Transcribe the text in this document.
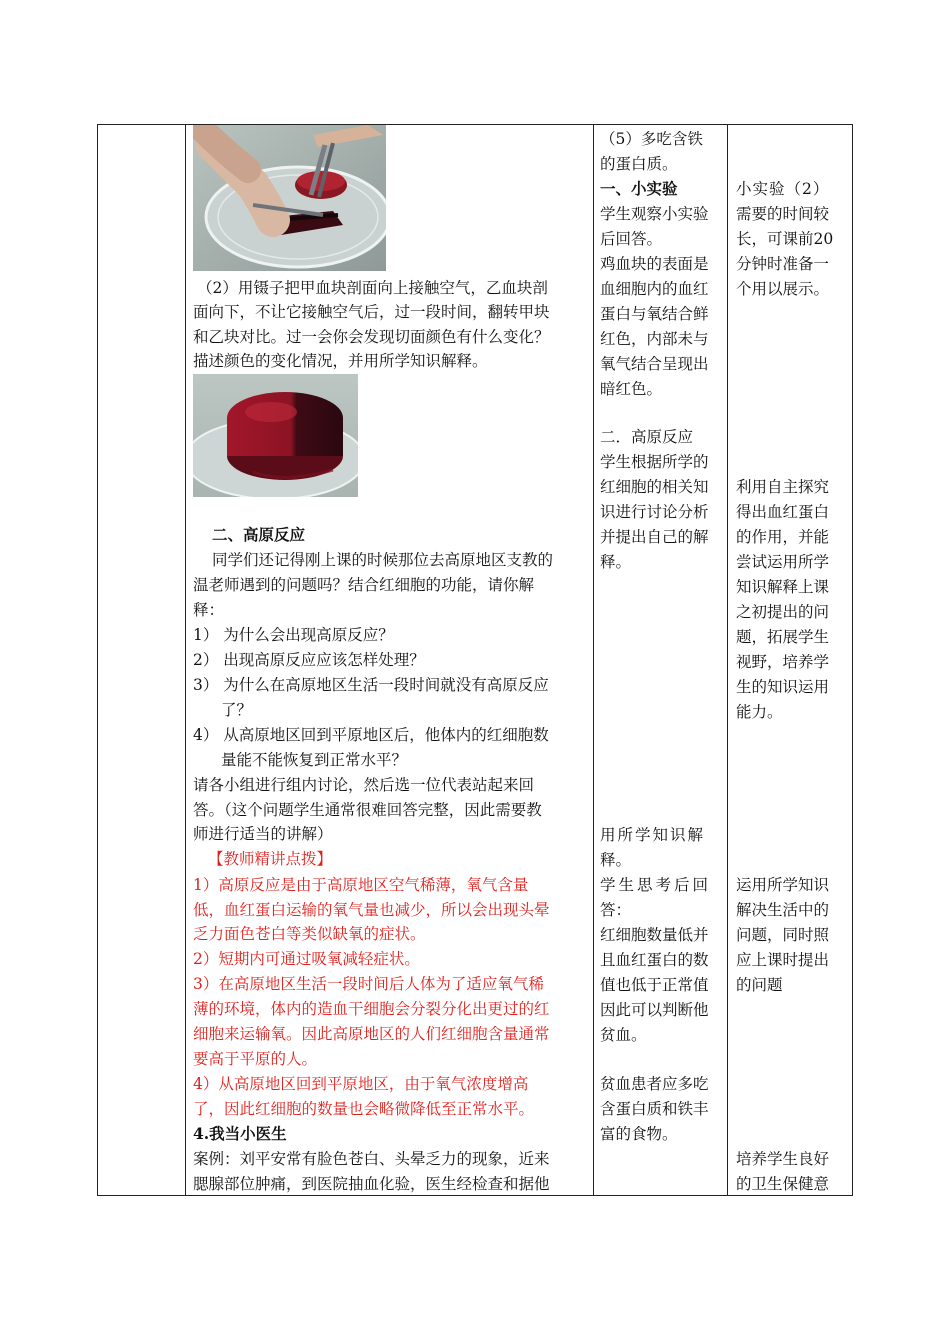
（2）用镊子把甲血块剖面向上接触空气，乙血块剖
面向下，不让它接触空气后，过一段时间，翻转甲块
和乙块对比。过一会你会发现切面颜色有什么变化？
描述颜色的变化情况，并用所学知识解释。
二、高原反应
同学们还记得刚上课的时候那位去高原地区支教的
温老师遇到的问题吗？结合红细胞的功能，请你解
释：
1） 为什么会出现高原反应？
2） 出现高原反应应该怎样处理？
3） 为什么在高原地区生活一段时间就没有高原反应
了？
4） 从高原地区回到平原地区后，他体内的红细胞数
量能不能恢复到正常水平？
请各小组进行组内讨论，然后选一位代表站起来回
答。（这个问题学生通常很难回答完整，因此需要教
师进行适当的讲解）
【教师精讲点拨】
1）高原反应是由于高原地区空气稀薄，氧气含量
低，血红蛋白运输的氧气量也减少，所以会出现头晕
乏力面色苍白等类似缺氧的症状。
2）短期内可通过吸氧减轻症状。
3）在高原地区生活一段时间后人体为了适应氧气稀
薄的环境，体内的造血干细胞会分裂分化出更过的红
细胞来运输氧。因此高原地区的人们红细胞含量通常
要高于平原的人。
4）从高原地区回到平原地区，由于氧气浓度增高
了，因此红细胞的数量也会略微降低至正常水平。
4.我当小医生
案例：刘平安常有脸色苍白、头晕乏力的现象，近来
腮腺部位肿痛，到医院抽血化验，医生经检查和据他
（5）多吃含铁
的蛋白质。
一、小实验
学生观察小实验
后回答。
鸡血块的表面是
血细胞内的血红
蛋白与氧结合鲜
红色，内部未与
氧气结合呈现出
暗红色。
二．高原反应
学生根据所学的
红细胞的相关知
识进行讨论分析
并提出自己的解
释。
用所学知识解
释。
学生思考后回
答：
红细胞数量低并
且血红蛋白的数
值也低于正常值
因此可以判断他
贫血。
贫血患者应多吃
含蛋白质和铁丰
富的食物。
小实验（2）
需要的时间较
长，可课前20
分钟时准备一
个用以展示。
利用自主探究
得出血红蛋白
的作用，并能
尝试运用所学
知识解释上课
之初提出的问
题，拓展学生
视野，培养学
生的知识运用
能力。
运用所学知识
解决生活中的
问题，同时照
应上课时提出
的问题
培养学生良好
的卫生保健意
